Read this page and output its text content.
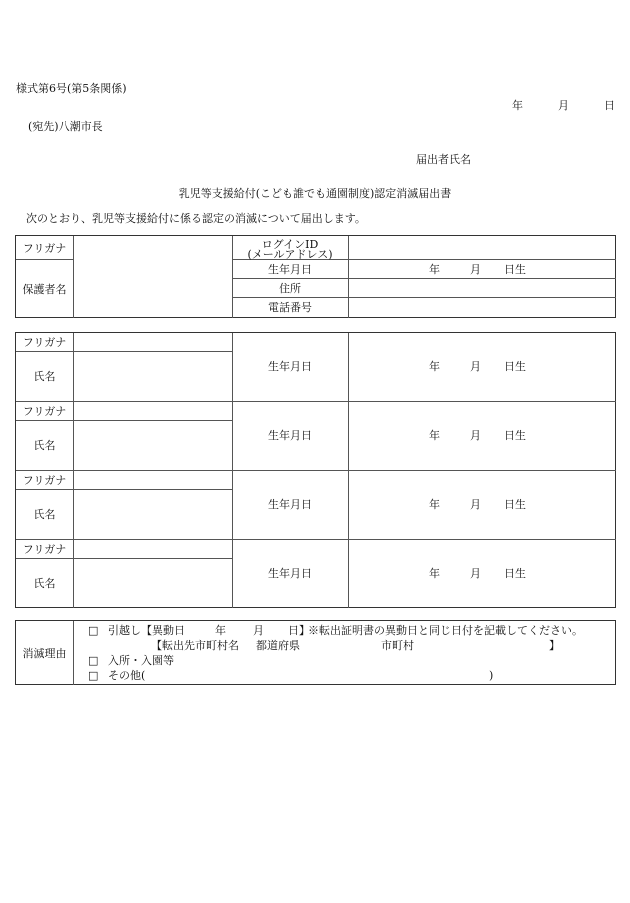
様式第6号(第5条関係)
年	月	日
(宛先)八潮市長
届出者氏名
乳児等支援給付(こども誰でも通園制度)認定消滅届出書
次のとおり、乳児等支援給付に係る認定の消滅について届出します。
フリガナ
保護者名
ログインID
(メールアドレス)
生年月日	年	月 日生
住所
電話番号
フリガナ
氏名
生年月日	年	月 日生
フリガナ
氏名
生年月日	年	月 日生
フリガナ
氏名
生年月日	年	月 日生
フリガナ
氏名
生年月日	年	月 日生
消滅理由
□ 引越し【異動日	年 月 日】
※転出証明書の異動日と同じ日付を記載してください。
【転出先市町村名 都道府県	市町村	】
□ 入所・入園等
□ その他(	)
